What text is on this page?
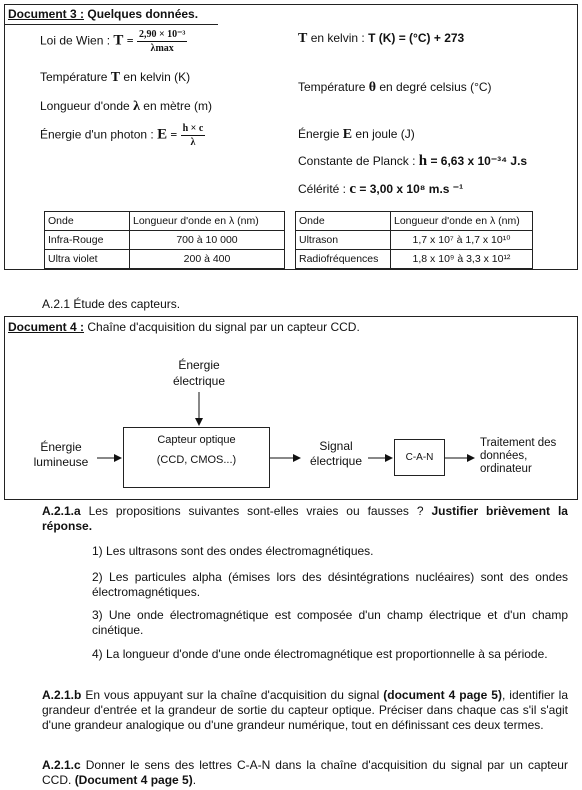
Document 3 : Quelques données.
Loi de Wien : $T = \frac{\text{2,90 × 10⁻³}}{\lambda\max}$	T en kelvin : T (K) = (°C) + 273
Température T en kelvin (K)
Température θ en degré celsius (°C)
Longueur d'onde λ en mètre (m)
Énergie d'un photon : $E = \frac{h \times c}{\lambda}$	Énergie E en joule (J)
Constante de Planck : h = 6,63 x 10⁻³⁴ J.s
Célérité : c = 3,00 x 10⁸ m.s ⁻¹
Onde	Longueur d'onde en λ (nm)
Infra-Rouge	700 à 10 000
Ultra violet	200 à 400
Onde	Longueur d'onde en λ (nm)
Ultrason	1,7 x 10⁷ à 1,7 x 10¹⁰
Radiofréquences	1,8 x 10⁹ à 3,3 x 10¹²
A.2.1 Étude des capteurs.
Document 4 : Chaîne d'acquisition du signal par un capteur CCD.
Énergie électrique
Énergie lumineuse
Capteur optique
(CCD, CMOS...)
Signal électrique	C-A-N
Traitement des données, ordinateur
A.2.1.a Les propositions suivantes sont-elles vraies ou fausses ? Justifier brièvement la réponse.
1) Les ultrasons sont des ondes électromagnétiques.
2) Les particules alpha (émises lors des désintégrations nucléaires) sont des ondes électromagnétiques.
3) Une onde électromagnétique est composée d'un champ électrique et d'un champ cinétique.
4) La longueur d'onde d'une onde électromagnétique est proportionnelle à sa période.
A.2.1.b En vous appuyant sur la chaîne d'acquisition du signal (document 4 page 5), identifier la grandeur d'entrée et la grandeur de sortie du capteur optique. Préciser dans chaque cas s'il s'agit d'une grandeur analogique ou d'une grandeur numérique, tout en définissant ces deux termes.
A.2.1.c Donner le sens des lettres C-A-N dans la chaîne d'acquisition du signal par un capteur CCD. (Document 4 page 5).
